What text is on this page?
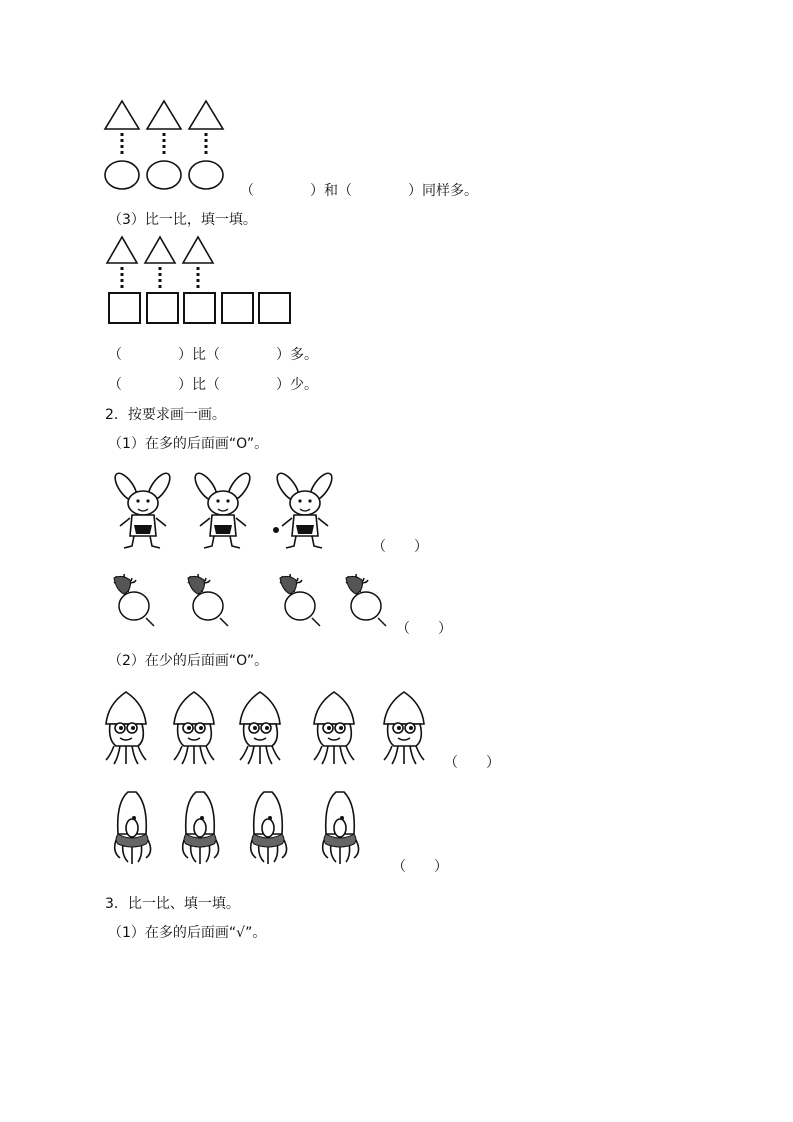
（　　　　）和（　　　　）同样多。
（3）比一比，填一填。
（　　　　）比（　　　　）多。
（　　　　）比（　　　　）少。
2．按要求画一画。
（1）在多的后面画“O”。
（　　）
（　　）
（2）在少的后面画“O”。
（　　）
（　　）
3．比一比、填一填。
（1）在多的后面画“√”。
